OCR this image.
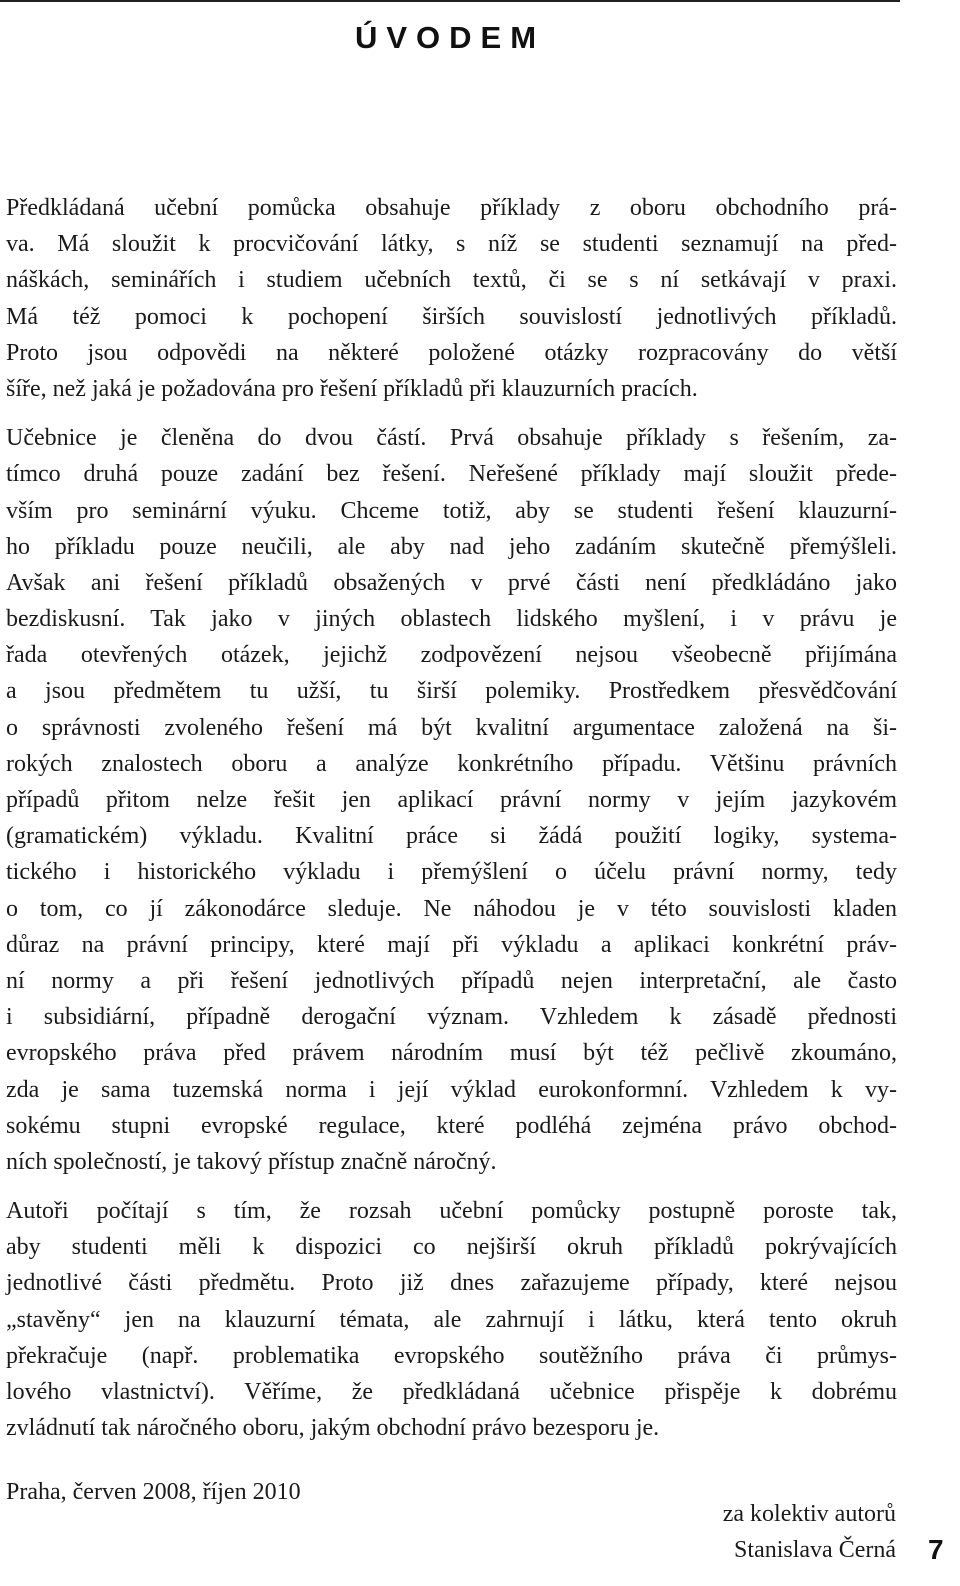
ÚVODEM
Předkládaná učební pomůcka obsahuje příklady z oboru obchodního prá-
va. Má sloužit k procvičování látky, s níž se studenti seznamují na před-
náškách, seminářích i studiem učebních textů, či se s ní setkávají v praxi.
Má též pomoci k pochopení širších souvislostí jednotlivých příkladů.
Proto jsou odpovědi na některé položené otázky rozpracovány do větší
šíře, než jaká je požadována pro řešení příkladů při klauzurních pracích.
Učebnice je členěna do dvou částí. Prvá obsahuje příklady s řešením, za-
tímco druhá pouze zadání bez řešení. Neřešené příklady mají sloužit přede-
vším pro seminární výuku. Chceme totiž, aby se studenti řešení klauzurní-
ho příkladu pouze neučili, ale aby nad jeho zadáním skutečně přemýšleli.
Avšak ani řešení příkladů obsažených v prvé části není předkládáno jako
bezdiskusní. Tak jako v jiných oblastech lidského myšlení, i v právu je
řada otevřených otázek, jejichž zodpovězení nejsou všeobecně přijímána
a jsou předmětem tu užší, tu širší polemiky. Prostředkem přesvědčování
o správnosti zvoleného řešení má být kvalitní argumentace založená na ši-
rokých znalostech oboru a analýze konkrétního případu. Většinu právních
případů přitom nelze řešit jen aplikací právní normy v jejím jazykovém
(gramatickém) výkladu. Kvalitní práce si žádá použití logiky, systema-
tického i historického výkladu i přemýšlení o účelu právní normy, tedy
o tom, co jí zákonodárce sleduje. Ne náhodou je v této souvislosti kladen
důraz na právní principy, které mají při výkladu a aplikaci konkrétní práv-
ní normy a při řešení jednotlivých případů nejen interpretační, ale často
i subsidiární, případně derogační význam. Vzhledem k zásadě přednosti
evropského práva před právem národním musí být též pečlivě zkoumáno,
zda je sama tuzemská norma i její výklad eurokonformní. Vzhledem k vy-
sokému stupni evropské regulace, které podléhá zejména právo obchod-
ních společností, je takový přístup značně náročný.
Autoři počítají s tím, že rozsah učební pomůcky postupně poroste tak,
aby studenti měli k dispozici co nejširší okruh příkladů pokrývajících
jednotlivé části předmětu. Proto již dnes zařazujeme případy, které nejsou
„stavěny“ jen na klauzurní témata, ale zahrnují i látku, která tento okruh
překračuje (např. problematika evropského soutěžního práva či průmys-
lového vlastnictví). Věříme, že předkládaná učebnice přispěje k dobrému
zvládnutí tak náročného oboru, jakým obchodní právo bezesporu je.
Praha, červen 2008, říjen 2010
za kolektiv autorů
Stanislava Černá 7
